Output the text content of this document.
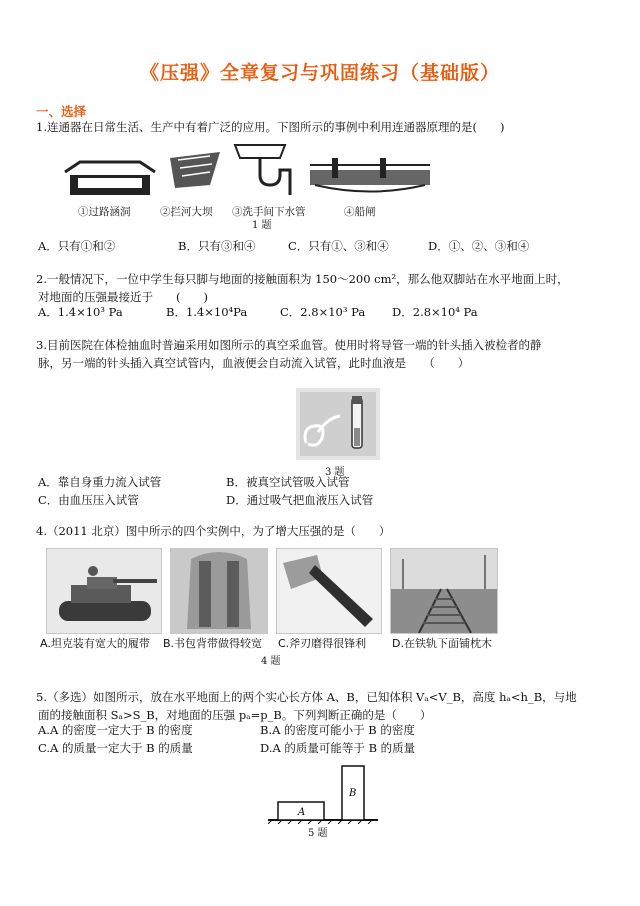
《压强》全章复习与巩固练习（基础版）
一、选择
1.连通器在日常生活、生产中有着广泛的应用。下图所示的事例中利用连通器原理的是(　　)
①过路涵洞	②拦河大坝 ③洗手间下水管	④船闸
1 题
A．只有①和②	B．只有③和④	C．只有①、③和④	D．①、②、③和④
2.一般情况下，一位中学生每只脚与地面的接触面积为 150～200 cm²，那么他双脚站在水平地面上时，
对地面的压强最接近于　　(　　)
A．1.4×10³ Pa	B．1.4×10⁴Pa	C．2.8×10³ Pa D．2.8×10⁴ Pa
3.目前医院在体检抽血时普遍采用如图所示的真空采血管。使用时将导管一端的针头插入被检者的静
脉，另一端的针头插入真空试管内，血液便会自动流入试管，此时血液是　　（　　）
3 题
A．靠自身重力流入试管	B．被真空试管吸入试管
C．由血压压入试管	D．通过吸气把血液压入试管
4.（2011 北京）图中所示的四个实例中，为了增大压强的是（　　）
A.坦克装有宽大的履带 B.书包背带做得较宽 C.斧刃磨得很锋利 D.在铁轨下面铺枕木
4 题
5.（多选）如图所示，放在水平地面上的两个实心长方体 A、B，已知体积 Vₐ<V_B，高度 hₐ<h_B，与地
面的接触面积 Sₐ>S_B，对地面的压强 pₐ=p_B。下列判断正确的是（　　）
A.A 的密度一定大于 B 的密度	B.A 的密度可能小于 B 的密度
C.A 的质量一定大于 B 的质量	D.A 的质量可能等于 B 的质量
A
B
5 题
